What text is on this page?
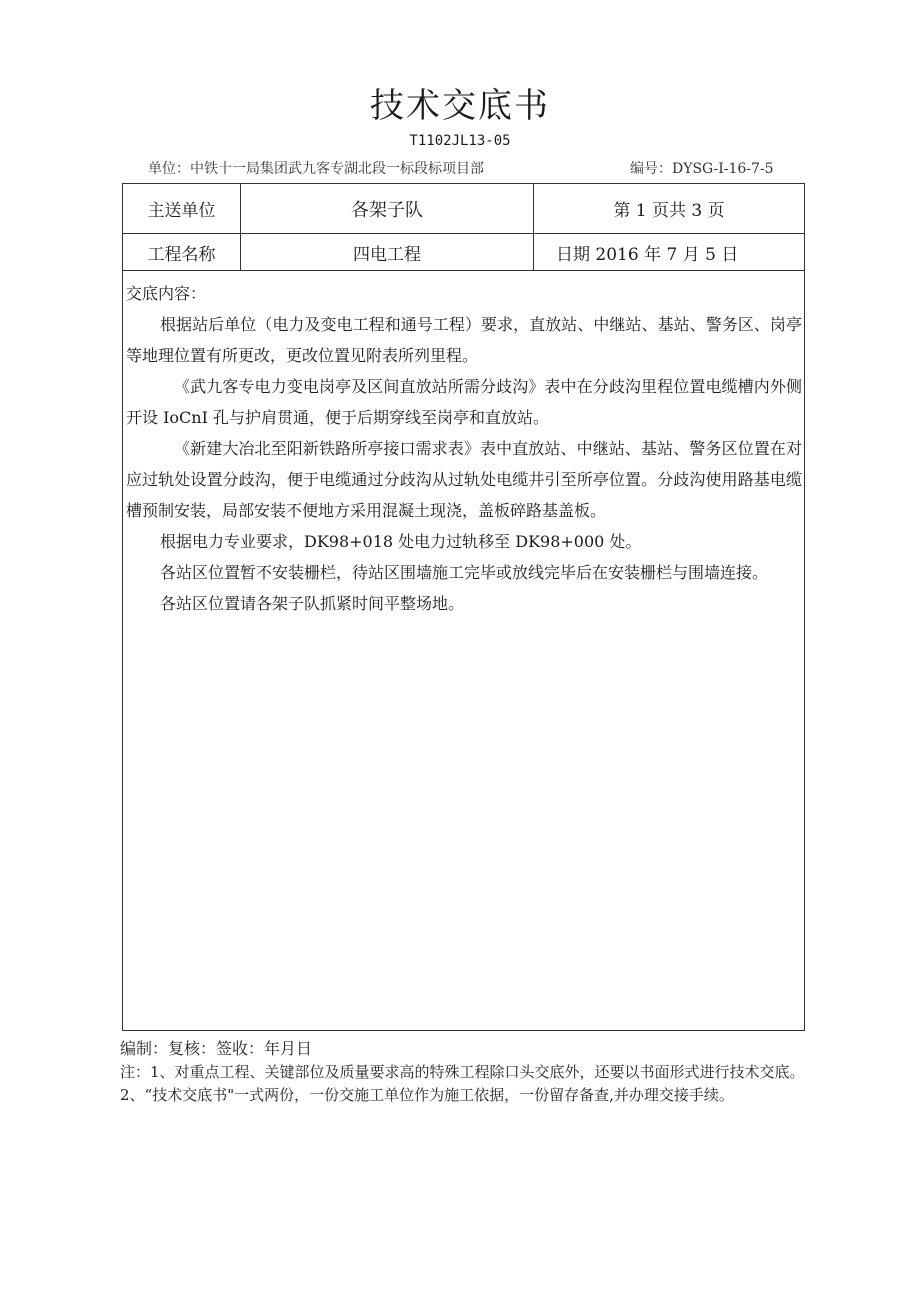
技术交底书
T1102JL13-05
单位：中铁十一局集团武九客专湖北段一标段标项目部	编号：DYSG-I-16-7-5
主送单位	各架子队	第 1 页共 3 页
工程名称	四电工程	日期 2016 年 7 月 5 日
交底内容：

根据站后单位（电力及变电工程和通号工程）要求，直放站、中继站、基站、警务区、岗亭等地理位置有所更改，更改位置见附表所列里程。

《武九客专电力变电岗亭及区间直放站所需分歧沟》表中在分歧沟里程位置电缆槽内外侧开设 IoCnI 孔与护肩贯通，便于后期穿线至岗亭和直放站。

《新建大冶北至阳新铁路所亭接口需求表》表中直放站、中继站、基站、警务区位置在对应过轨处设置分歧沟，便于电缆通过分歧沟从过轨处电缆井引至所亭位置。分歧沟使用路基电缆槽预制安装，局部安装不便地方采用混凝土现浇，盖板碎路基盖板。

根据电力专业要求，DK98+018 处电力过轨移至 DK98+000 处。

各站区位置暂不安装栅栏，待站区围墙施工完毕或放线完毕后在安装栅栏与围墙连接。

各站区位置请各架子队抓紧时间平整场地。

编制：复核：签收：年月日
注：1、对重点工程、关键部位及质量要求高的特殊工程除口头交底外，还要以书面形式进行技术交底。
2、“技术交底书"一式两份，一份交施工单位作为施工依据，一份留存备查,并办理交接手续。
